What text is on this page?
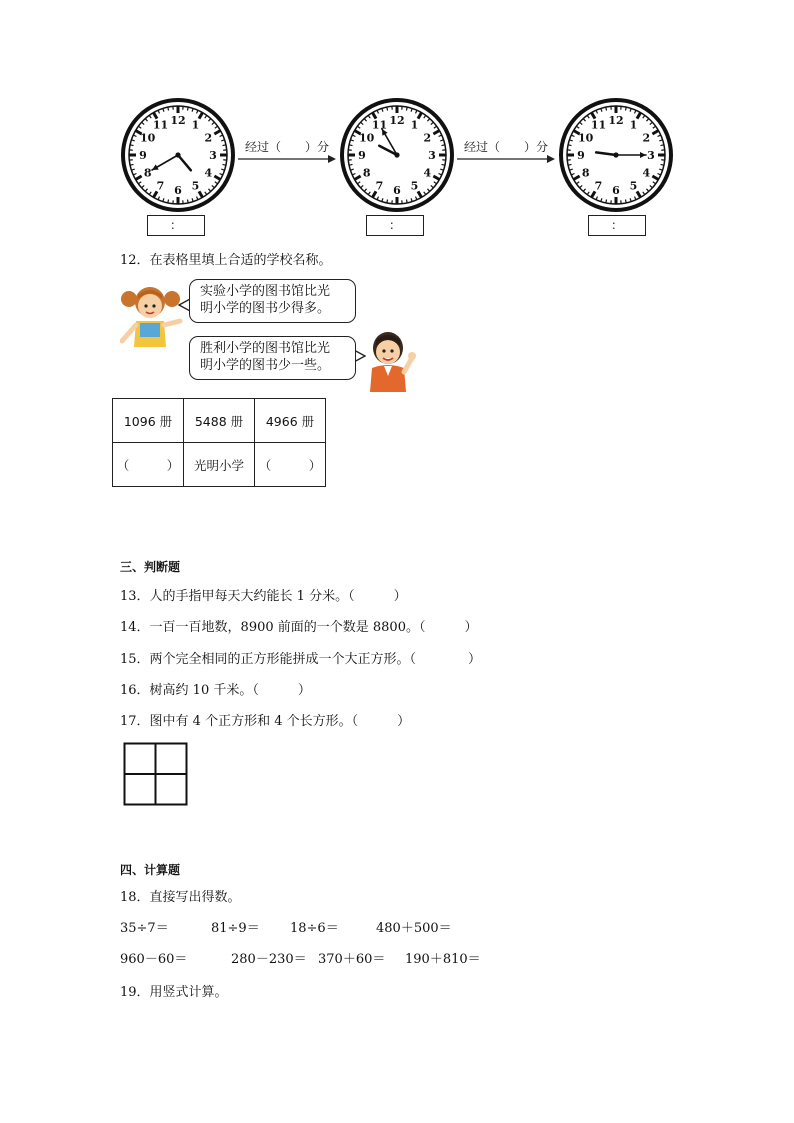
12 1
2
3
4
5
6
7
8
9
10
11
：
经过（　　）分
12 1
2
3
4
5
6
7
8
9
10
11
：
经过（　　）分
12 1
2
3
4
5
6
7
8
9
10
11
：
12．在表格里填上合适的学校名称。
实验小学的图书馆比光
明小学的图书少得多。
胜利小学的图书馆比光
明小学的图书少一些。
1096 册	5488 册	4966 册
（　　　）	光明小学	（　　　）
三、判断题
13．人的手指甲每天大约能长 1 分米。（　　　）
14．一百一百地数，8900 前面的一个数是 8800。（　　　）
15．两个完全相同的正方形能拼成一个大正方形。（　　　　）
16．树高约 10 千米。（　　　）
17．图中有 4 个正方形和 4 个长方形。（　　　）
四、计算题
18．直接写出得数。
35÷7＝	81÷9＝ 18÷6＝	480＋500＝
960－60＝	280－230＝ 370＋60＝ 190＋810＝
19．用竖式计算。
